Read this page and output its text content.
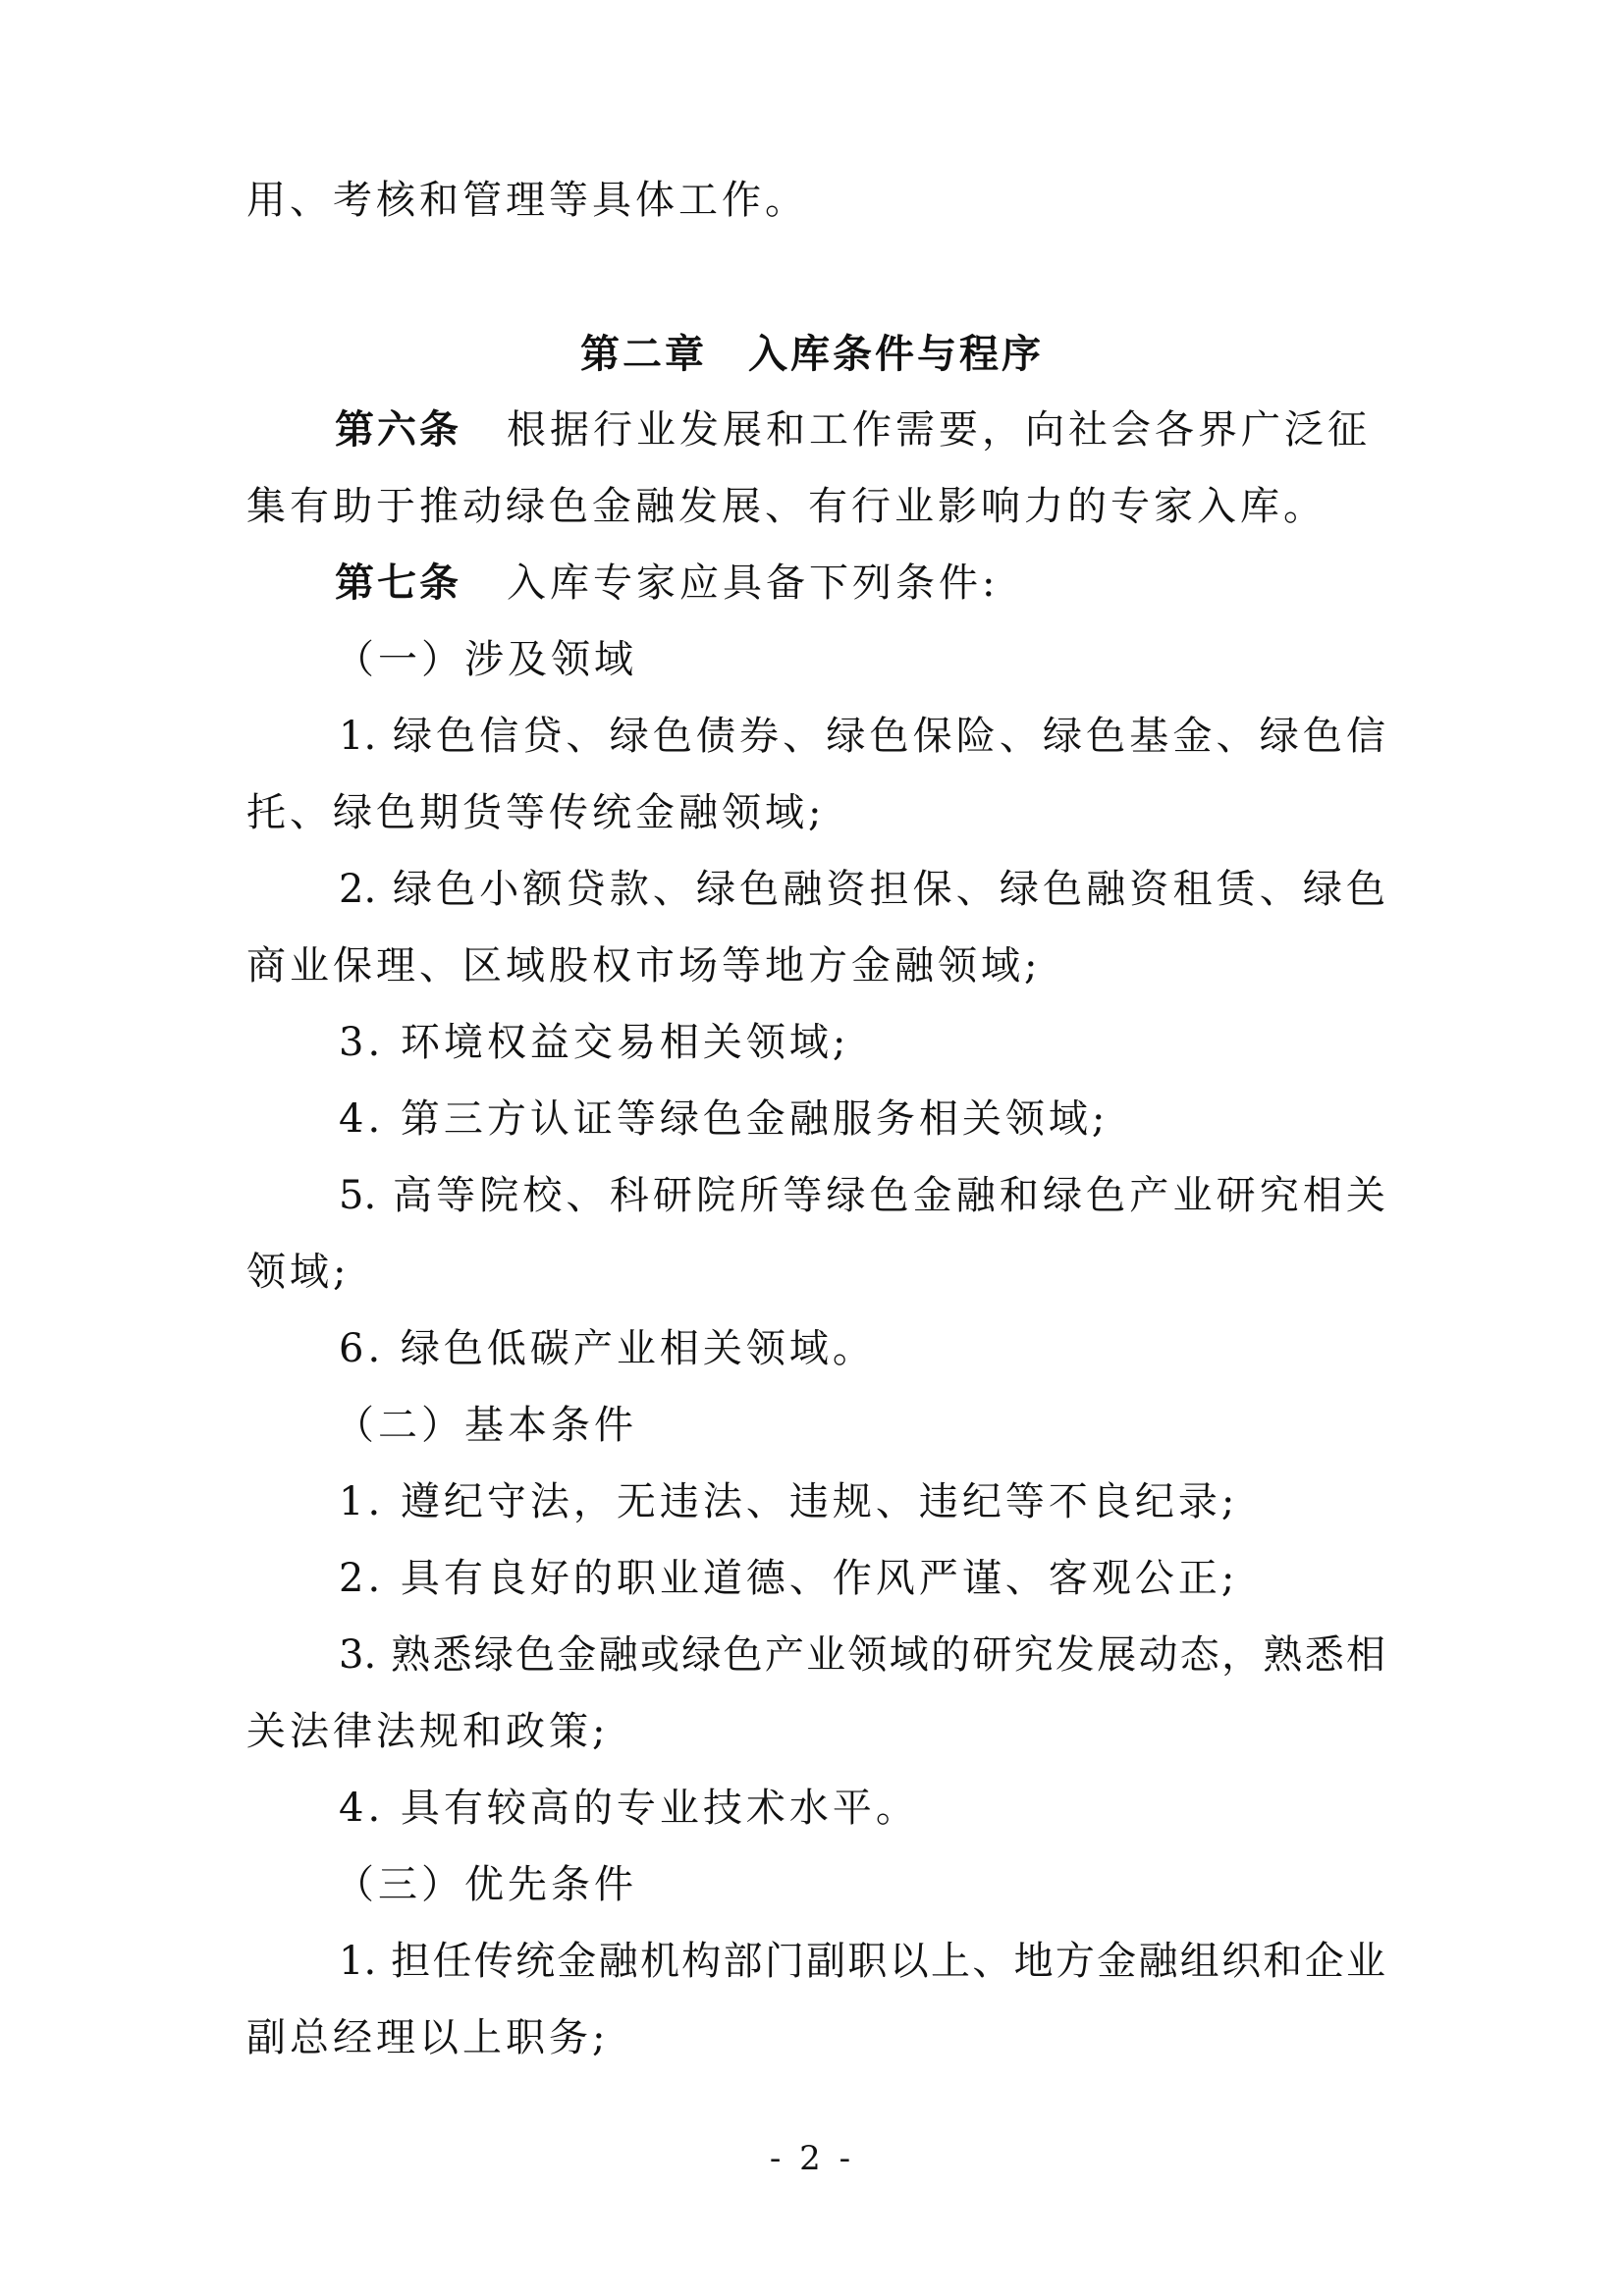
用、考核和管理等具体工作。
第二章 入库条件与程序
第六条 根据行业发展和工作需要，向社会各界广泛征
集有助于推动绿色金融发展、有行业影响力的专家入库。
第七条 入库专家应具备下列条件:
（一）涉及领域
1. 绿色信贷、绿色债券、绿色保险、绿色基金、绿色信
托、绿色期货等传统金融领域;
2. 绿色小额贷款、绿色融资担保、绿色融资租赁、绿色
商业保理、区域股权市场等地方金融领域;
3. 环境权益交易相关领域;
4. 第三方认证等绿色金融服务相关领域;
5. 高等院校、科研院所等绿色金融和绿色产业研究相关
领域;
6. 绿色低碳产业相关领域。
（二）基本条件
1. 遵纪守法，无违法、违规、违纪等不良纪录;
2. 具有良好的职业道德、作风严谨、客观公正;
3. 熟悉绿色金融或绿色产业领域的研究发展动态，熟悉相
关法律法规和政策;
4. 具有较高的专业技术水平。
（三）优先条件
1. 担任传统金融机构部门副职以上、地方金融组织和企业
副总经理以上职务;
- 2 -
